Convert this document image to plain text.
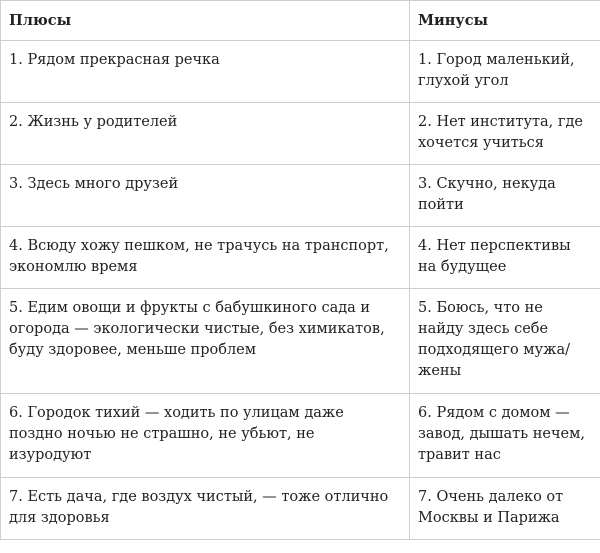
Плюсы	Минусы
1. Рядом прекрасная речка	1. Город маленький, глухой угол
2. Жизнь у родителей	2. Нет института, где хочется учиться
3. Здесь много друзей	3. Скучно, некуда пойти
4. Всюду хожу пешком, не трачусь на транспорт, экономлю время	4. Нет перспективы на будущее
5. Едим овощи и фрукты с бабушкиного сада и огорода — экологически чистые, без химикатов, буду здоровее, меньше проблем	5. Боюсь, что не найду здесь себе подходящего мужа/жены
6. Городок тихий — ходить по улицам даже поздно ночью не страшно, не убьют, не изуродуют	6. Рядом с домом — завод, дышать нечем, травит нас
7. Есть дача, где воздух чистый, — тоже отлично для здоровья	7. Очень далеко от Москвы и Парижа
